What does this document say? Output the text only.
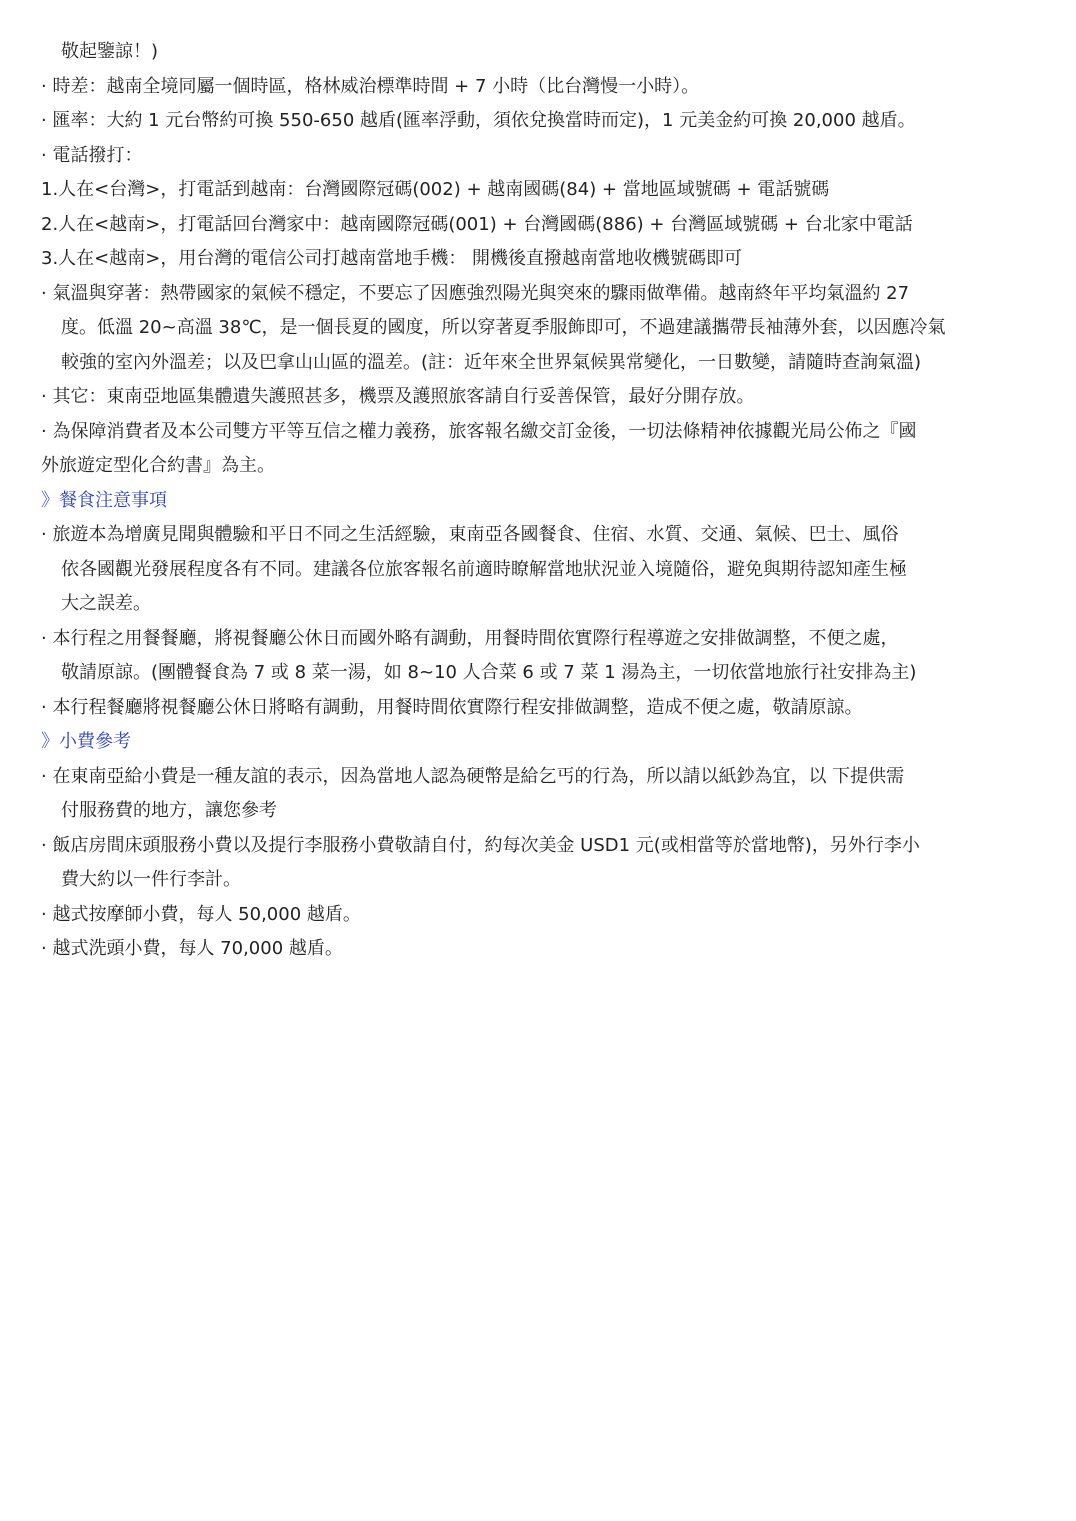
敬起鑒諒！)
· 時差：越南全境同屬一個時區，格林威治標準時間 + 7 小時（比台灣慢一小時）。
· 匯率：大約 1 元台幣約可換 550-650 越盾(匯率浮動，須依兌換當時而定)，1 元美金約可換 20,000 越盾。
· 電話撥打：
1.人在<台灣>，打電話到越南：台灣國際冠碼(002) + 越南國碼(84) + 當地區域號碼 + 電話號碼
2.人在<越南>，打電話回台灣家中：越南國際冠碼(001) + 台灣國碼(886) + 台灣區域號碼 + 台北家中電話
3.人在<越南>，用台灣的電信公司打越南當地手機： 開機後直撥越南當地收機號碼即可
· 氣溫與穿著：熱帶國家的氣候不穩定，不要忘了因應強烈陽光與突來的驟雨做準備。越南終年平均氣溫約 27
度。低溫 20~高溫 38℃，是一個長夏的國度，所以穿著夏季服飾即可，不過建議攜帶長袖薄外套，以因應冷氣
較強的室內外溫差；以及巴拿山山區的溫差。(註：近年來全世界氣候異常變化，一日數變，請隨時查詢氣溫)
· 其它：東南亞地區集體遺失護照甚多，機票及護照旅客請自行妥善保管，最好分開存放。
· 為保障消費者及本公司雙方平等互信之權力義務，旅客報名繳交訂金後，一切法條精神依據觀光局公佈之『國
外旅遊定型化合約書』為主。
》餐食注意事項
· 旅遊本為增廣見聞與體驗和平日不同之生活經驗，東南亞各國餐食、住宿、水質、交通、氣候、巴士、風俗
依各國觀光發展程度各有不同。建議各位旅客報名前適時瞭解當地狀況並入境隨俗，避免與期待認知產生極
大之誤差。
· 本行程之用餐餐廳，將視餐廳公休日而國外略有調動，用餐時間依實際行程導遊之安排做調整，不便之處，
敬請原諒。(團體餐食為 7 或 8 菜一湯，如 8~10 人合菜 6 或 7 菜 1 湯為主，一切依當地旅行社安排為主)
· 本行程餐廳將視餐廳公休日將略有調動，用餐時間依實際行程安排做調整，造成不便之處，敬請原諒。
》小費參考
· 在東南亞給小費是一種友誼的表示，因為當地人認為硬幣是給乞丐的行為，所以請以紙鈔為宜，以 下提供需
付服務費的地方，讓您參考
· 飯店房間床頭服務小費以及提行李服務小費敬請自付，約每次美金 USD1 元(或相當等於當地幣)，另外行李小
費大約以一件行李計。
· 越式按摩師小費，每人 50,000 越盾。
· 越式洗頭小費，每人 70,000 越盾。
